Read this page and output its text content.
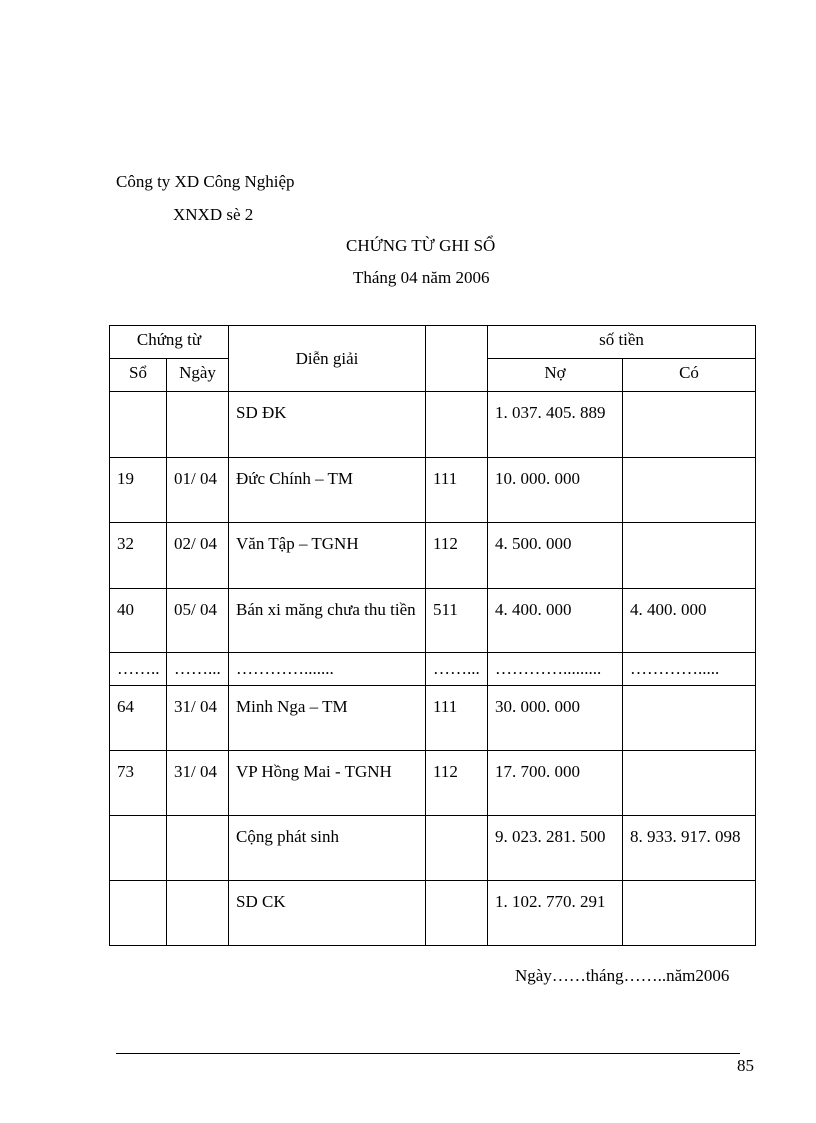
Công ty XD Công Nghiệp
XNXD sè 2
CHỨNG TỪ GHI SỔ
Tháng 04 năm 2006
Chứng từ		Diễn giải		số tiền	
Sổ	Ngày			Nợ	Có
		SD ĐK		1. 037. 405. 889	
19	01/ 04	Đức Chính – TM	111	10. 000. 000	
32	02/ 04	Văn Tập – TGNH	112	4. 500. 000	
40	05/ 04	Bán xi măng chưa thu tiền	511	4. 400. 000	4. 400. 000
……..	……...	………….......	……...	………….........	………….....
64	31/ 04	Minh Nga – TM	111	30. 000. 000	
73	31/ 04	VP Hồng Mai - TGNH	112	17. 700. 000	
		Cộng phát sinh		9. 023. 281. 500	8. 933. 917. 098
		SD CK		1. 102. 770. 291	
Ngày……tháng……..năm2006
85
